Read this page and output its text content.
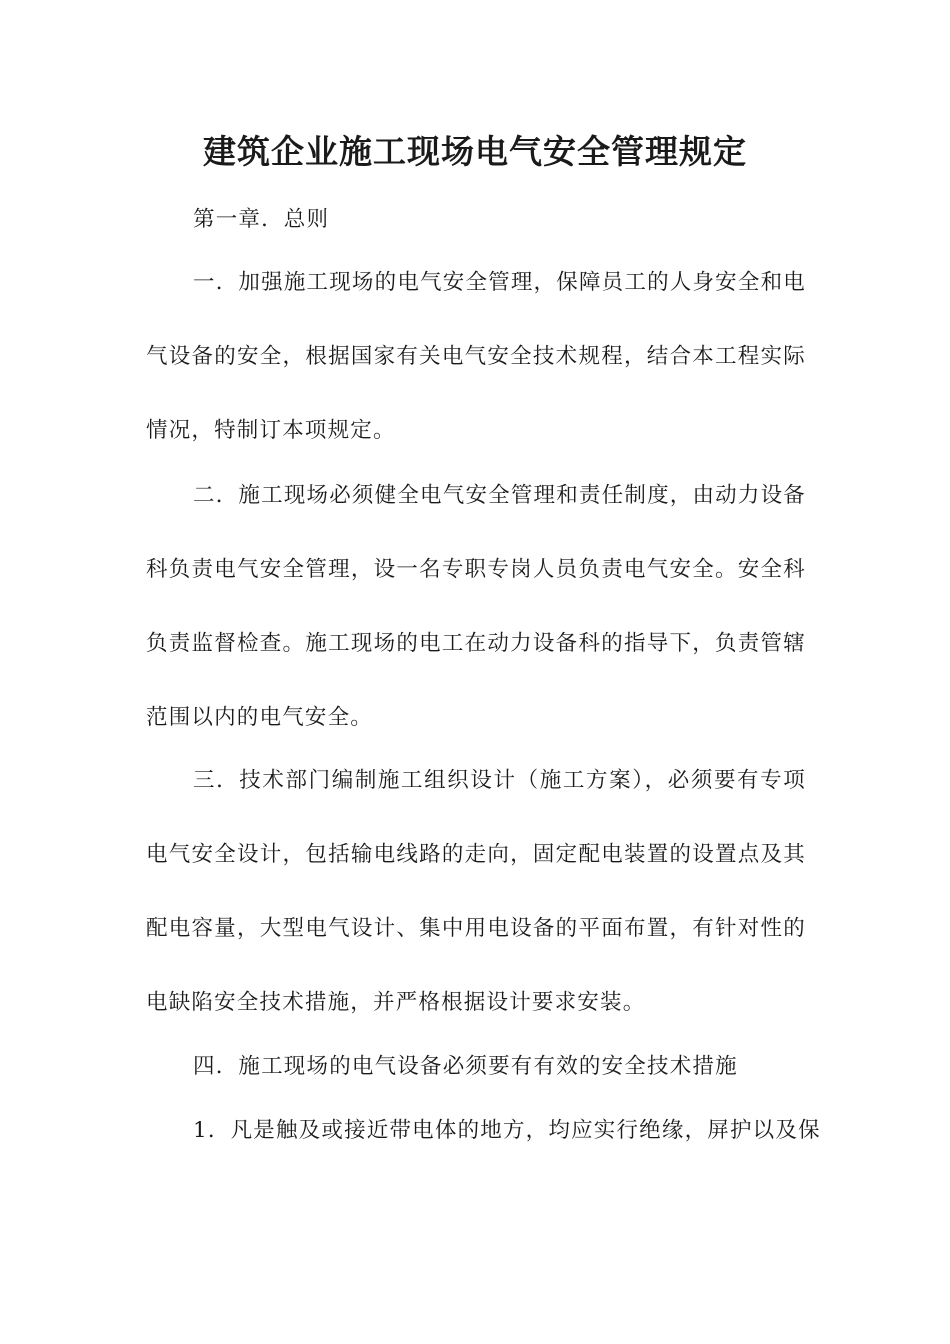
建筑企业施工现场电气安全管理规定
第一章．总则
一．加强施工现场的电气安全管理，保障员工的人身安全和电
气设备的安全，根据国家有关电气安全技术规程，结合本工程实际
情况，特制订本项规定。
二．施工现场必须健全电气安全管理和责任制度，由动力设备
科负责电气安全管理，设一名专职专岗人员负责电气安全。安全科
负责监督检查。施工现场的电工在动力设备科的指导下，负责管辖
范围以内的电气安全。
三．技术部门编制施工组织设计（施工方案），必须要有专项
电气安全设计，包括输电线路的走向，固定配电装置的设置点及其
配电容量，大型电气设计、集中用电设备的平面布置，有针对性的
电缺陷安全技术措施，并严格根据设计要求安装。
四．施工现场的电气设备必须要有有效的安全技术措施
1．凡是触及或接近带电体的地方，均应实行绝缘，屏护以及保
